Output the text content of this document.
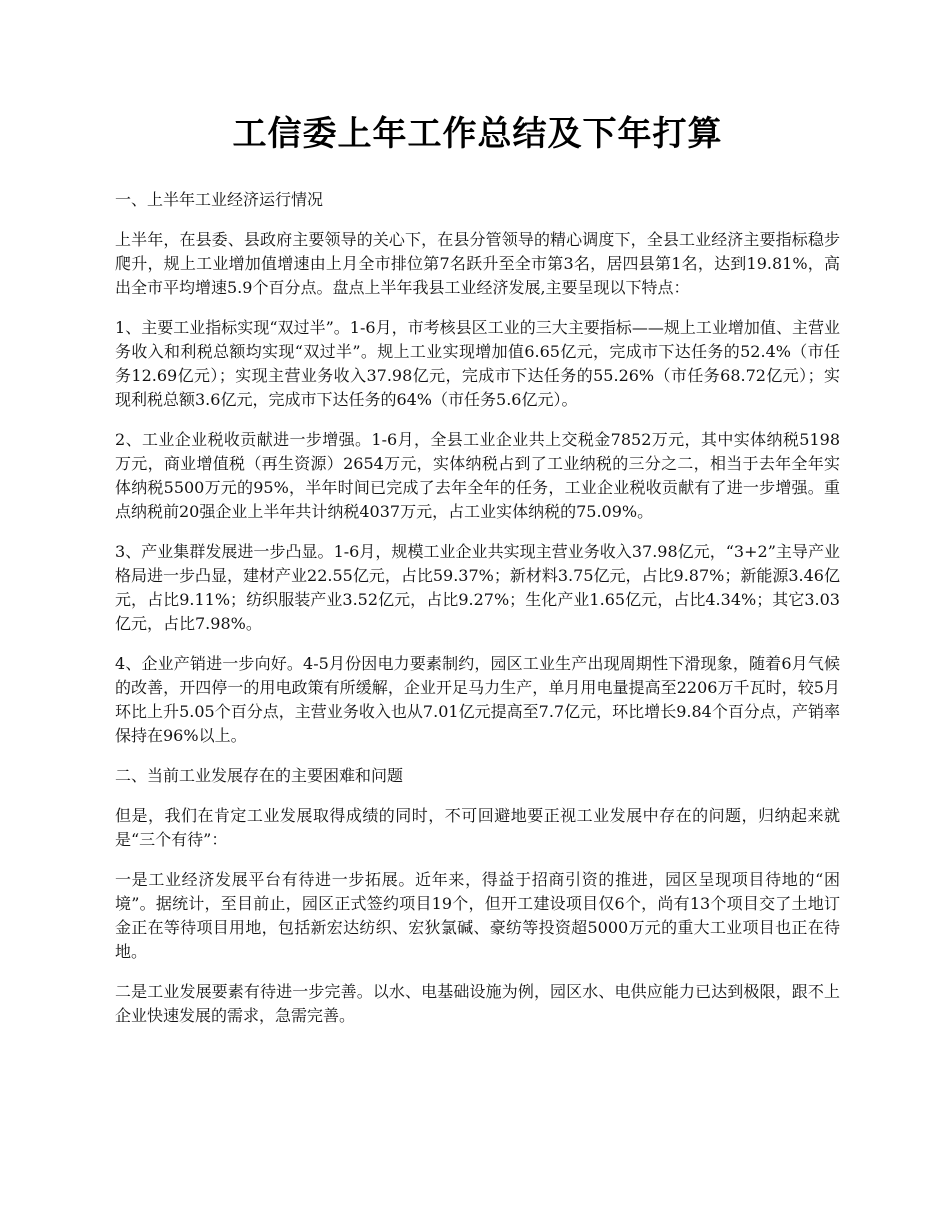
工信委上年工作总结及下年打算

一、上半年工业经济运行情况

上半年，在县委、县政府主要领导的关心下，在县分管领导的精心调度下，全县工业经济主要指标稳步爬升，规上工业增加值增速由上月全市排位第7名跃升至全市第3名，居四县第1名，达到19.81%，高出全市平均增速5.9个百分点。盘点上半年我县工业经济发展,主要呈现以下特点：

1、主要工业指标实现“双过半”。1-6月，市考核县区工业的三大主要指标——规上工业增加值、主营业务收入和利税总额均实现“双过半”。规上工业实现增加值6.65亿元，完成市下达任务的52.4%（市任务12.69亿元）；实现主营业务收入37.98亿元，完成市下达任务的55.26%（市任务68.72亿元）；实现利税总额3.6亿元，完成市下达任务的64%（市任务5.6亿元）。

2、工业企业税收贡献进一步增强。1-6月，全县工业企业共上交税金7852万元，其中实体纳税5198万元，商业增值税（再生资源）2654万元，实体纳税占到了工业纳税的三分之二，相当于去年全年实体纳税5500万元的95%，半年时间已完成了去年全年的任务，工业企业税收贡献有了进一步增强。重点纳税前20强企业上半年共计纳税4037万元，占工业实体纳税的75.09%。

3、产业集群发展进一步凸显。1-6月，规模工业企业共实现主营业务收入37.98亿元，“3+2”主导产业格局进一步凸显，建材产业22.55亿元，占比59.37%；新材料3.75亿元，占比9.87%；新能源3.46亿元，占比9.11%；纺织服装产业3.52亿元，占比9.27%；生化产业1.65亿元，占比4.34%；其它3.03亿元，占比7.98%。

4、企业产销进一步向好。4-5月份因电力要素制约，园区工业生产出现周期性下滑现象，随着6月气候的改善，开四停一的用电政策有所缓解，企业开足马力生产，单月用电量提高至2206万千瓦时，较5月环比上升5.05个百分点，主营业务收入也从7.01亿元提高至7.7亿元，环比增长9.84个百分点，产销率保持在96%以上。

二、当前工业发展存在的主要困难和问题

但是，我们在肯定工业发展取得成绩的同时，不可回避地要正视工业发展中存在的问题，归纳起来就是“三个有待”：

一是工业经济发展平台有待进一步拓展。近年来，得益于招商引资的推进，园区呈现项目待地的“困境”。据统计，至目前止，园区正式签约项目19个，但开工建设项目仅6个，尚有13个项目交了土地订金正在等待项目用地，包括新宏达纺织、宏狄氯碱、豪纺等投资超5000万元的重大工业项目也正在待地。

二是工业发展要素有待进一步完善。以水、电基础设施为例，园区水、电供应能力已达到极限，跟不上企业快速发展的需求，急需完善。
